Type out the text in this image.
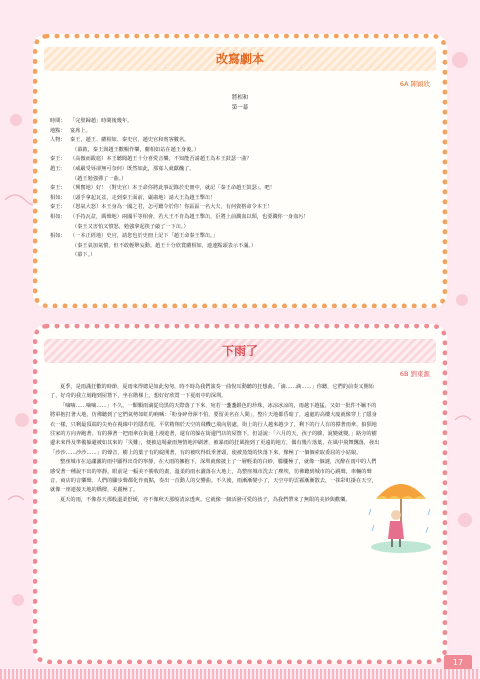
改寫劇本
6A 陳穎欣
將相和
第一幕
時間： 「完璧歸趙」時間後幾年。
地點： 宴席上。
人物： 秦王、趙王、藺相如、秦史官、趙史官和賓客數名。
（幕啟，秦王與趙王歡暢作樂，藺相如站在趙王身後。）
秦王： （高傲而跋扈）本王聽聞趙王十分喜愛音樂，不知能否請趙王為本王鼓瑟一曲？
趙王： （威嚴受辱卻無可奈何）既然如此，那寡人就獻醜了。
（趙王勉強彈了一曲。）
秦王： （興奮地）好！（對史官）本王命你將此事記錄於史冊中，就記「秦王命趙王鼓瑟」。吧！
相如： （頭手拿起瓦盆，走到秦王面前，嚴肅地）請大王為趙王擊缶！
秦王： （怒氣大怒）本王身為一國之君，怎可聽令於你！你區區一名大夫，有何資格命令本王！
相如： （手持瓦盆，厲聲地）兩國平等相會，若大王不肯為趙王擊缶，臣將上前濺血以頸，也要濺你一身血污！
（秦王又害怕又憤怒，勉強拿起筷子敲了一下缶。）
相如： （一本正經地）史官，請您也於史冊上記下「趙王命秦王擊缶。」
（秦王氣加氣憤，但不敢輕舉妄動。趙王十分欣賞藺相如，連連點頭表示不滿。）
（幕下。）
下雨了
6B 劉東滙

夏季，是雨滿狂歡的時節，夏雨來得總是如此匆匆，時不時為我們演奏一曲悅耳動聽的狂想曲。「滴……滴……」你聽，它們的前奏又開始了，好奇的我立刻跑到屋簷下，坐在階梯上，想好好欣賞一下夏雨中的深圳。

「嘀嘀……嘀嘀……」不久，一顆顆雨滴從烏黑的天際落了下來，宛若一盞盞銀色的珍珠，冰涼冰涼的，雨越下越猛，又如一批件不羈不的將軍抱打著大地，彷彿聽到了它們氣勢如虹的吶喊：「粉身碎骨渾不怕，要留美名在人間」，整片天地都昏暗了，遠處的高樓大廈就像穿上了隱身衣一樣，只剩最頂端的尖角在視線中若隱若現。平常精翔於天空的飛機已飛向別處。街上的行人越來越少了，剩下的行人有的撐著雨傘，狼狽地往家的方向奔跑著，有的揮著一把雨傘在街邊上漫遊著，還有的躲在街邊門店的屋簷下。但話說：「六月的天，孩子的臉，說變就變。」路旁的樹邊未來得及準備躲避被如其來的「災難」，便被這場豪雨無情地沖刷著，被暴雨的狂風拖到了更遠的地方，偶有幾片落葉，在風中飛舞飄落，發出「沙沙……沙沙……」的聲音，樹上的葉子有的綻開著，有的被吹得低垂著頭，使被蒸殼的快落下來，像極了一個個索取委屈的小姑娘。

整座城市在這瀟灑的雨中顯得出奇的寧靜，在大雨的擁抱下，深圳就像披上了一層輕柔的白紗，朦朧極了，就像一個謎，沉醉在雨中的人們感受著一種說不出的寧靜。眼前是一幅美不勝收的畫，溫柔的雨水灑落在大地上，為整座城市洗去了塵埃，彷彿聽到城市的心跳聲，車輛的聲音、商店的音樂聲、人們的腳步聲都化作雨點，奏出一首動人的交響曲。不久後，雨漸漸變小了，天空中的雲霧漸漸散去，一抹彩虹掛在天空，就像一座連接天地的橋樑，美麗極了。

夏天的雨，不像春天那般溫柔舒緩，亦不像秋天那般清涼透爽。它就像一個活潑可愛的孩子，為我們帶來了無限的美妙與歡樂。

17
